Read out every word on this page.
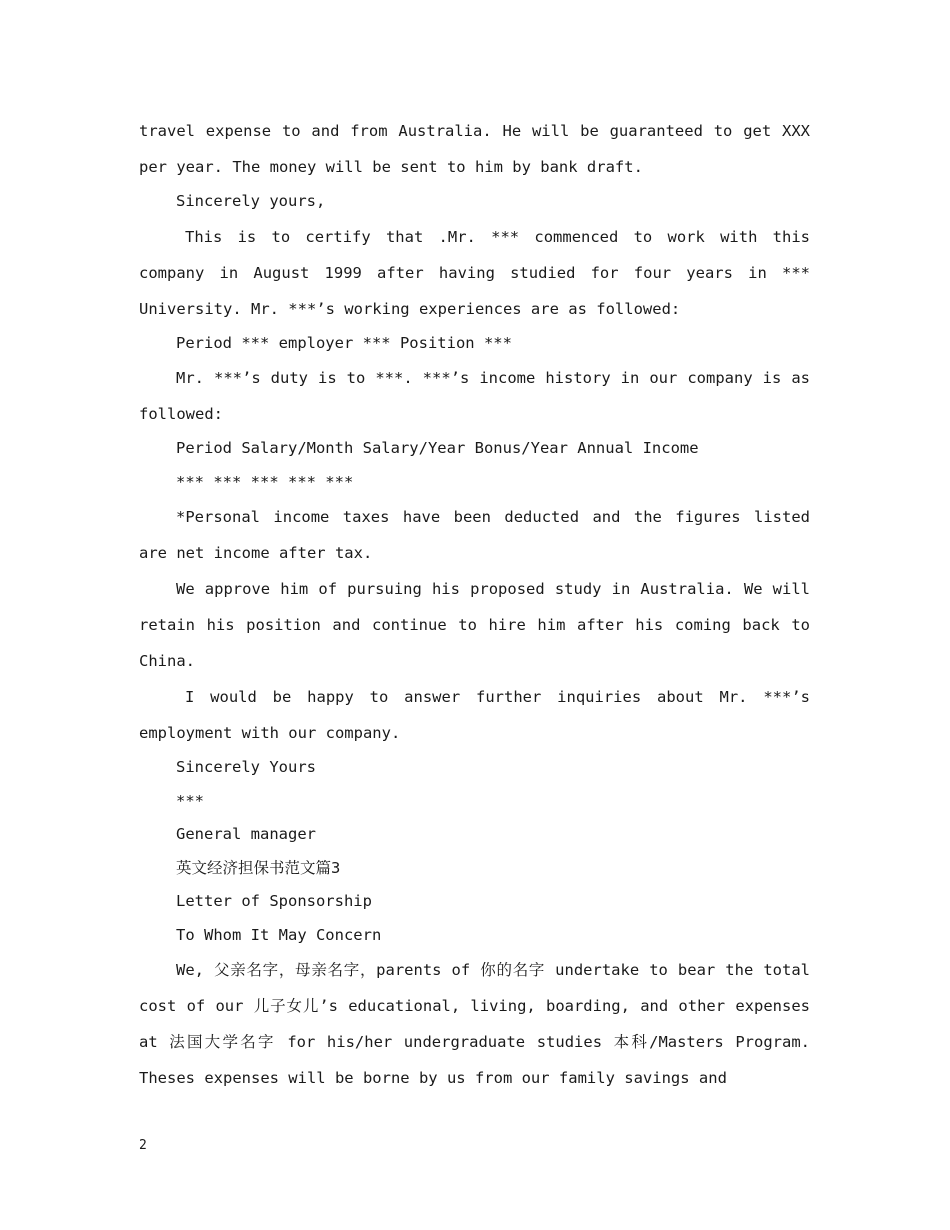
travel expense to and from Australia. He will be guaranteed to get XXX per year. The money will be sent to him by bank draft.

Sincerely yours,

This is to certify that .Mr. *** commenced to work with this company in August 1999 after having studied for four years in *** University. Mr. ***’s working experiences are as followed:

Period *** employer *** Position ***

Mr. ***’s duty is to ***. ***’s income history in our company is as followed:

Period Salary/Month Salary/Year Bonus/Year Annual Income

*** *** *** *** ***

*Personal income taxes have been deducted and the figures listed are net income after tax.

We approve him of pursuing his proposed study in Australia. We will retain his position and continue to hire him after his coming back to China.

I would be happy to answer further inquiries about Mr. ***’s employment with our company.

Sincerely Yours

***

General manager

英文经济担保书范文篇3

Letter of Sponsorship

To Whom It May Concern

We, 父亲名字，母亲名字，parents of 你的名字 undertake to bear the total cost of our 儿子女儿’s educational, living, boarding, and other expenses at 法国大学名字 for his/her undergraduate studies 本科/Masters Program. Theses expenses will be borne by us from our family savings and

2
